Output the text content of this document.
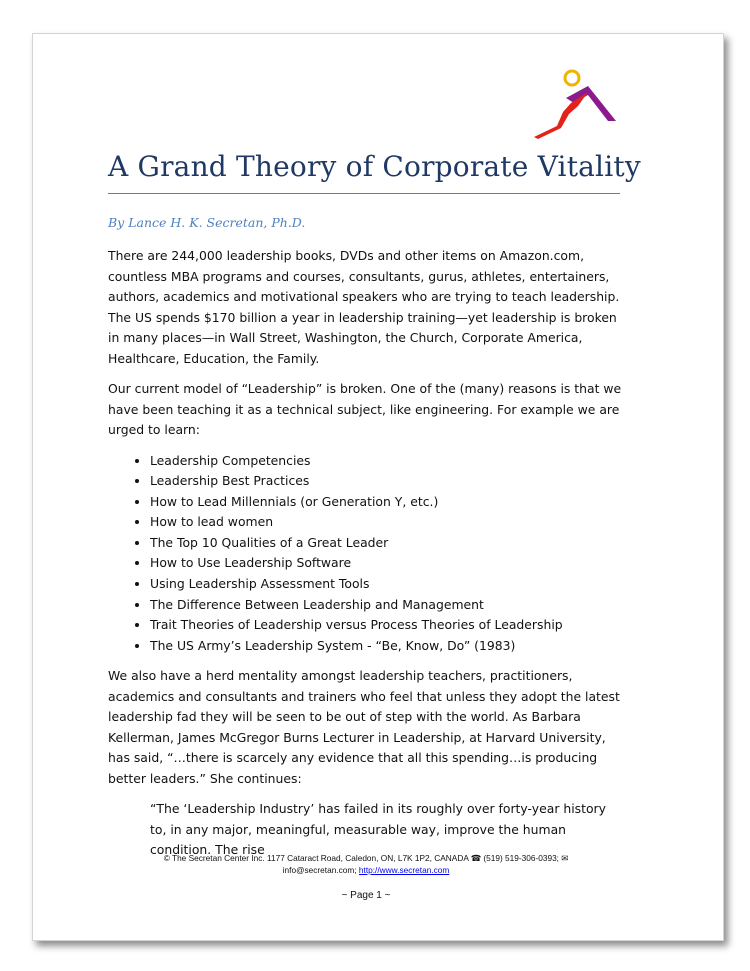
A Grand Theory of Corporate Vitality

By Lance H. K. Secretan, Ph.D.

There are 244,000 leadership books, DVDs and other items on Amazon.com, countless MBA programs and courses, consultants, gurus, athletes, entertainers, authors, academics and motivational speakers who are trying to teach leadership. The US spends $170 billion a year in leadership training—yet leadership is broken in many places—in Wall Street, Washington, the Church, Corporate America, Healthcare, Education, the Family.

Our current model of “Leadership” is broken. One of the (many) reasons is that we have been teaching it as a technical subject, like engineering. For example we are urged to learn:

• Leadership Competencies
• Leadership Best Practices
• How to Lead Millennials (or Generation Y, etc.)
• How to lead women
• The Top 10 Qualities of a Great Leader
• How to Use Leadership Software
• Using Leadership Assessment Tools
• The Difference Between Leadership and Management
• Trait Theories of Leadership versus Process Theories of Leadership
• The US Army’s Leadership System - “Be, Know, Do” (1983)

We also have a herd mentality amongst leadership teachers, practitioners, academics and consultants and trainers who feel that unless they adopt the latest leadership fad they will be seen to be out of step with the world. As Barbara Kellerman, James McGregor Burns Lecturer in Leadership, at Harvard University, has said, “…there is scarcely any evidence that all this spending…is producing better leaders.” She continues:

“The ‘Leadership Industry’ has failed in its roughly over forty-year history to, in any major, meaningful, measurable way, improve the human condition. The rise
© The Secretan Center Inc. 1177 Cataract Road, Caledon, ON, L7K 1P2, CANADA ☎ (519) 519-306-0393; ✉
info@secretan.com; http://www.secretan.com
~ Page 1 ~
